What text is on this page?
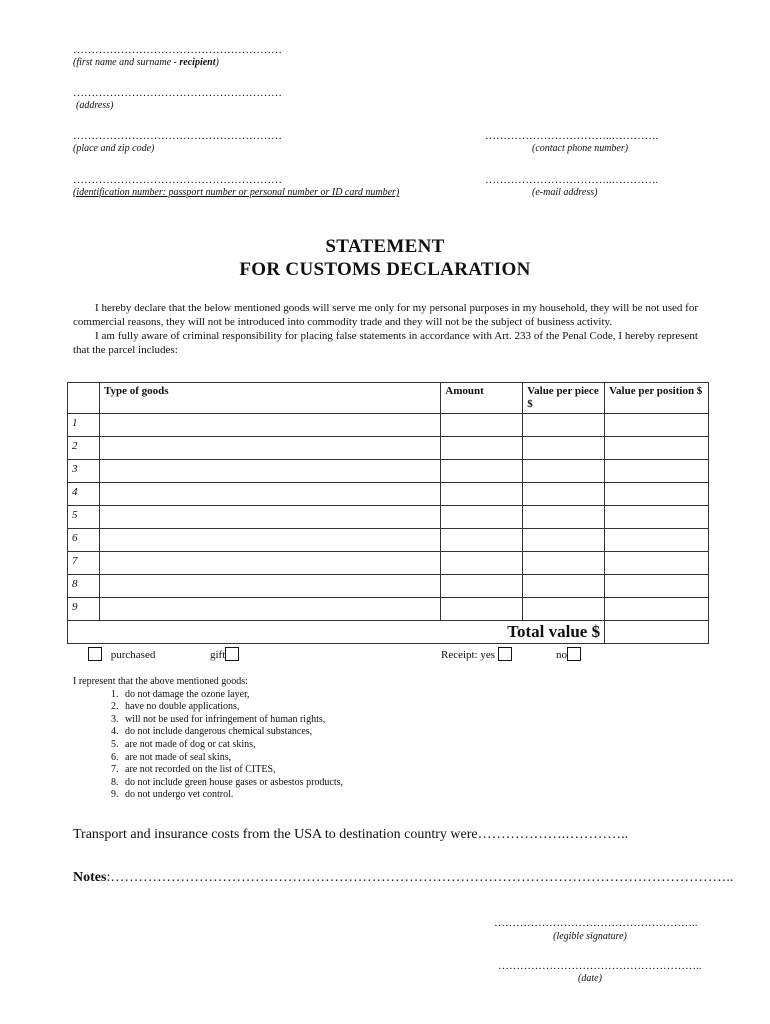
…………………………………………………
(first name and surname - recipient)
…………………………………………………
(address)
…………………………………………………
(place and zip code)
……………………………..………….
(contact phone number)
…………………………………………………
(identification number: passport number or personal number or ID card number)
……………………………..………….
(e-mail address)
STATEMENT
FOR CUSTOMS DECLARATION

I hereby declare that the below mentioned goods will serve me only for my personal purposes in my household, they will be not used for commercial reasons, they will not be introduced into commodity trade and they will not be the subject of business activity.

I am fully aware of criminal responsibility for placing false statements in accordance with Art. 233 of the Penal Code, I hereby represent that the parcel includes:

	Type of goods	Amount	Value per piece $	Value per position $
1				
2				
3				
4				
5				
6				
7				
8				
9				
Total value $				
purchased	gift	Receipt: yes	no
I represent that the above mentioned goods:
1. do not damage the ozone layer,
2. have no double applications,
3. will not be used for infringement of human rights,
4. do not include dangerous chemical substances,
5. are not made of dog or cat skins,
6. are not made of seal skins,
7. are not recorded on the list of CITES,
8. do not include green house gases or asbestos products,
9. do not undergo vet control.
Transport and insurance costs from the USA to destination country were……………….…………..
Notes:……………………………………………………………………………………………………………………..
………………………………………………..
(legible signature)
………………………………………………..
(date)
